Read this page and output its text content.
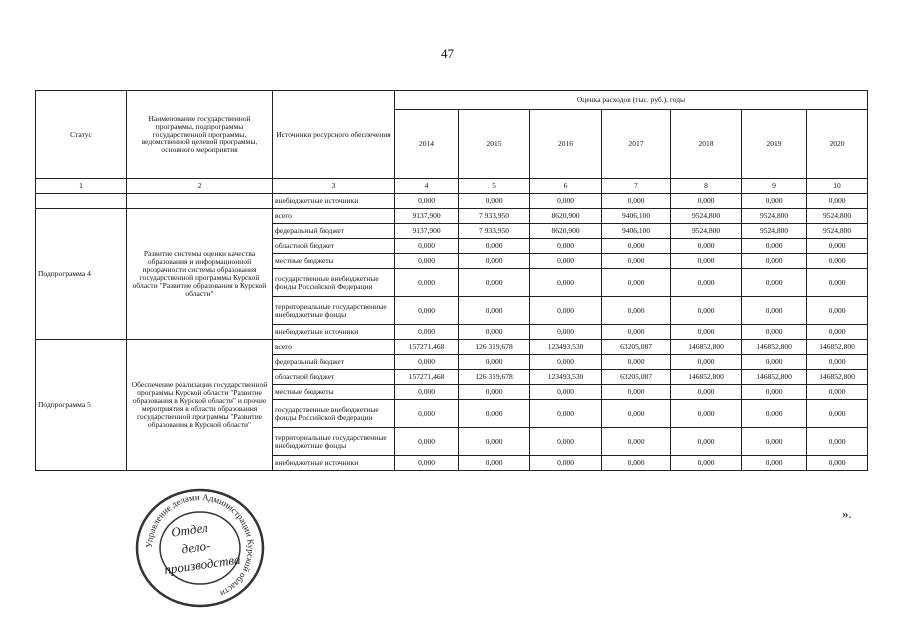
47
Статус	Наименование государственной программы, подпрограммы государственной программы, ведомственной целевой программы, основного мероприятия	Источники ресурсного обеспечения	Оценка расходов (тыс. руб.), годы						
			2014	2015	2016	2017	2018	2019	2020
1	2	3	4	5	6	7	8	9	10
		внебюджетные источники	0,000	0,000	0,000	0,000	0,000	0,000	0,000
Подпрограмма 4	Развитие системы оценки качества образования и информационной прозрачности системы образования государственной программы Курской области "Развитие образования в Курской области"	всего	9137,900	7 933,950	8620,900	9406,100	9524,800	9524,800	9524,800
		федеральный бюджет	9137,900	7 933,950	8620,900	9406,100	9524,800	9524,800	9524,800
		областной бюджет	0,000	0,000	0,000	0,000	0,000	0,000	0,000
		местные бюджеты	0,000	0,000	0,000	0,000	0,000	0,000	0,000
		государственные внебюджетные фонды Российской Федерации	0,000	0,000	0,000	0,000	0,000	0,000	0,000
		территориальные государственные внебюджетные фонды	0,000	0,000	0,000	0,000	0,000	0,000	0,000
		внебюджетные источники	0,000	0,000	0,000	0,000	0,000	0,000	0,000
Подпрограмма 5	Обеспечение реализации государственной программы Курской области "Развитие образования в Курской области" и прочие мероприятия в области образования государственной программы "Развитие образования в Курской области"	всего	157271,468	126 319,678	123493,530	63205,087	146852,800	146852,800	146852,800
		федеральный бюджет	0,000	0,000	0,000	0,000	0,000	0,000	0,000
		областной бюджет	157271,468	126 319,678	123493,530	63205,087	146852,800	146852,800	146852,800
		местные бюджеты	0,000	0,000	0,000	0,000	0,000	0,000	0,000
		государственные внебюджетные фонды Российской Федерации	0,000	0,000	0,000	0,000	0,000	0,000	0,000
		территориальные государственные внебюджетные фонды	0,000	0,000	0,000	0,000	0,000	0,000	0,000
		внебюджетные источники	0,000	0,000	0,000	0,000	0,000	0,000	0,000
».
Управление делами Администрации Курской области
Отдел
дело-
производства
